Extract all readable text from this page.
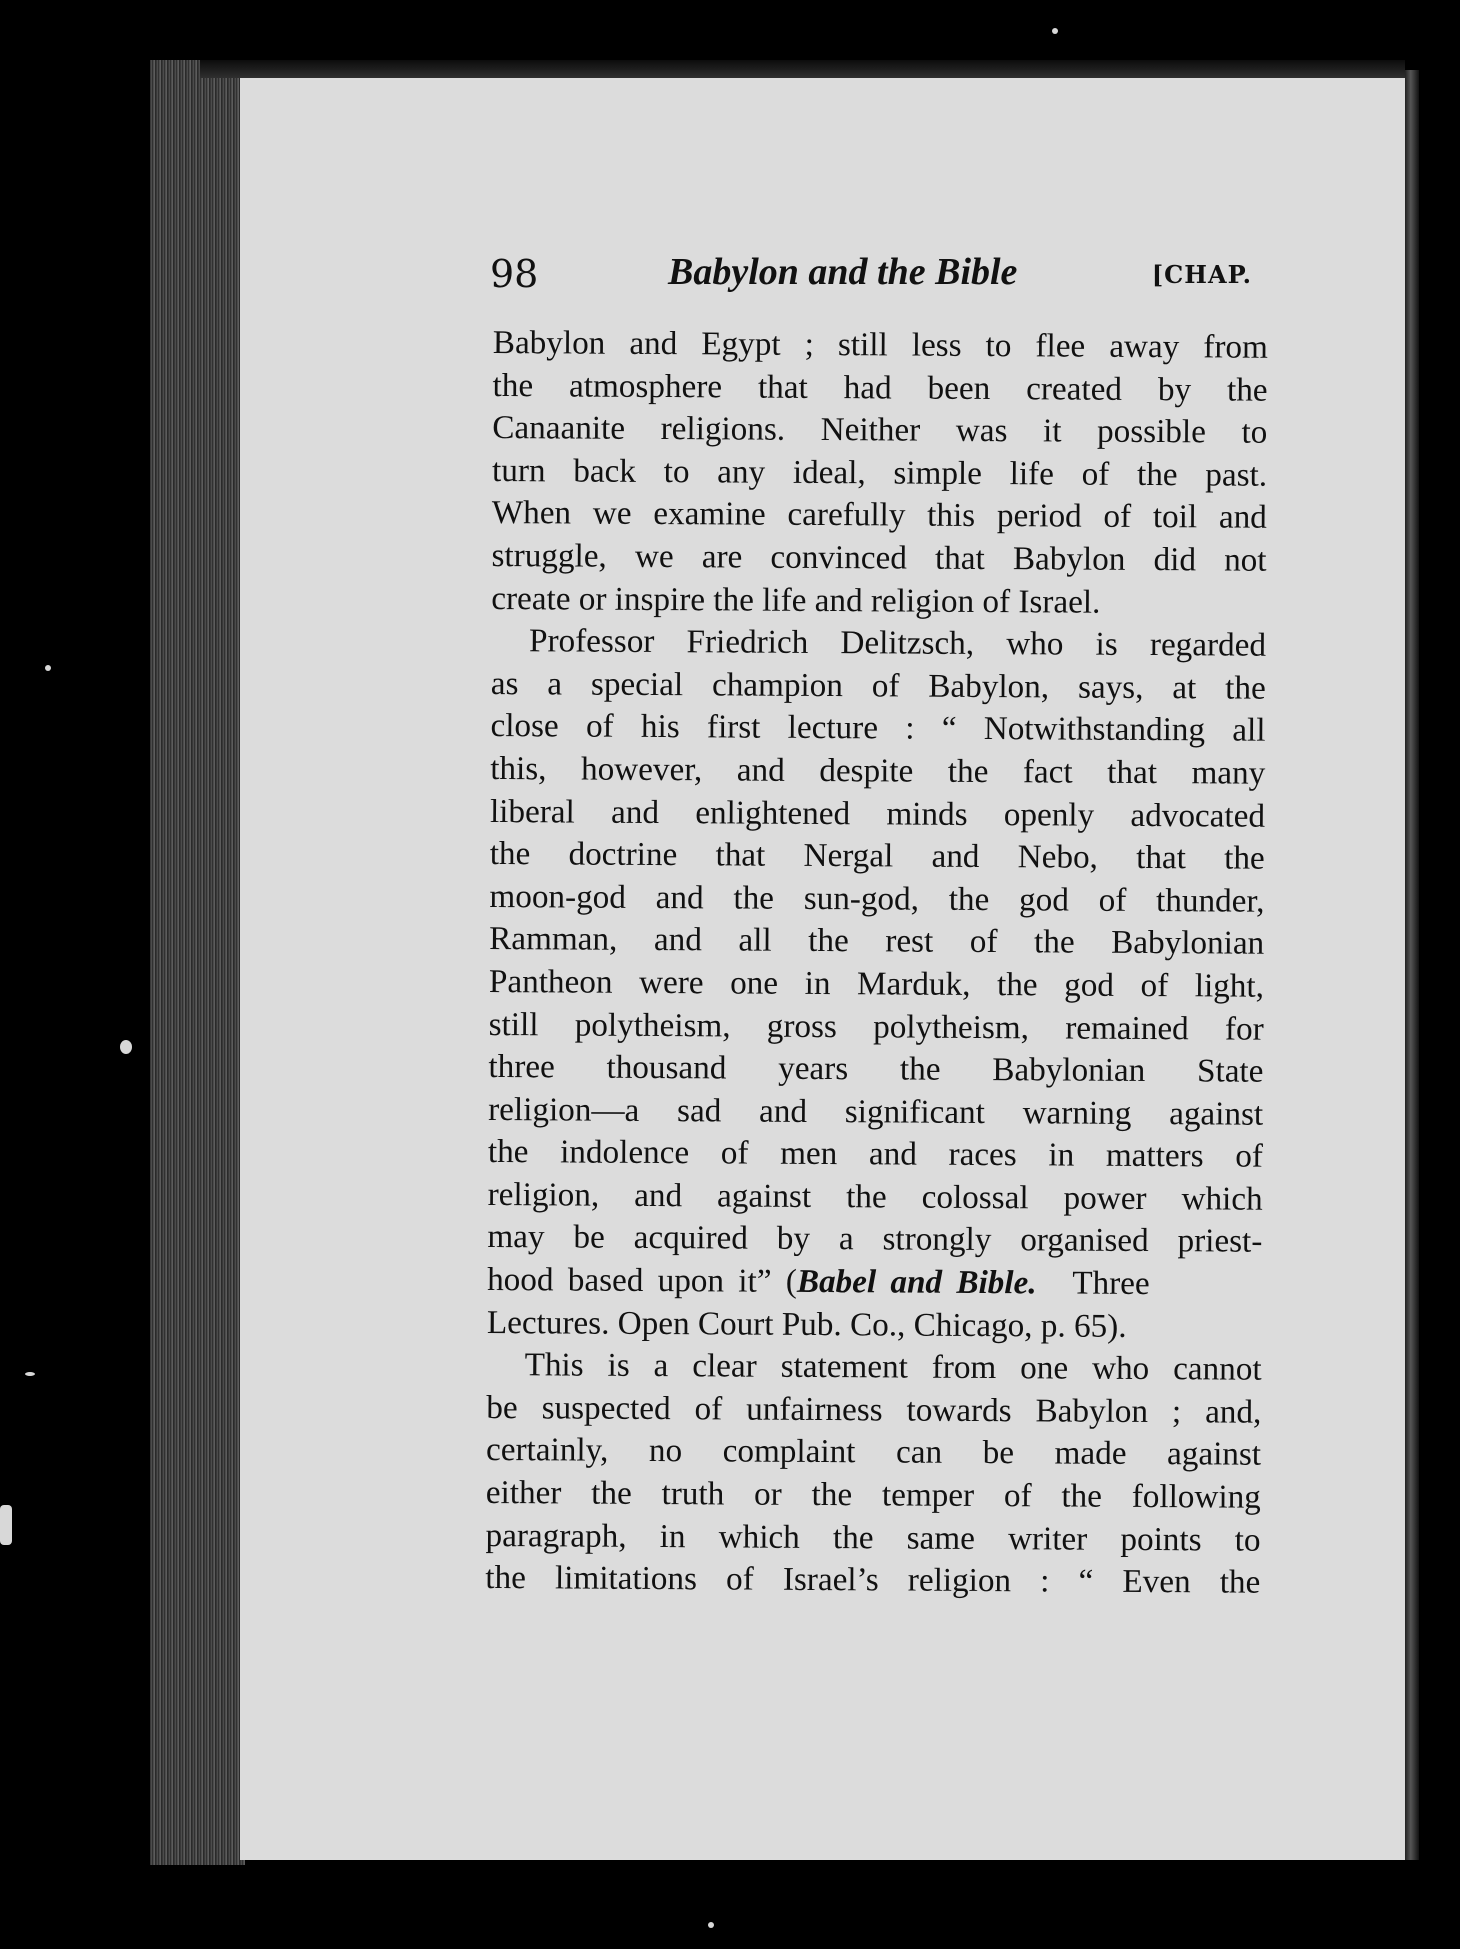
98	Babylon and the Bible	[CHAP.
Babylon and Egypt ; still less to flee away from
the atmosphere that had been created by the
Canaanite religions. Neither was it possible to
turn back to any ideal, simple life of the past.
When we examine carefully this period of toil and
struggle, we are convinced that Babylon did not
create or inspire the life and religion of Israel.
Professor Friedrich Delitzsch, who is regarded
as a special champion of Babylon, says, at the
close of his first lecture : “ Notwithstanding all
this, however, and despite the fact that many
liberal and enlightened minds openly advocated
the doctrine that Nergal and Nebo, that the
moon-god and the sun-god, the god of thunder,
Ramman, and all the rest of the Babylonian
Pantheon were one in Marduk, the god of light,
still polytheism, gross polytheism, remained for
three thousand years the Babylonian State
religion—a sad and significant warning against
the indolence of men and races in matters of
religion, and against the colossal power which
may be acquired by a strongly organised priest-
hood based upon it” (Babel and Bible. Three
Lectures. Open Court Pub. Co., Chicago, p. 65).
This is a clear statement from one who cannot
be suspected of unfairness towards Babylon ; and,
certainly, no complaint can be made against
either the truth or the temper of the following
paragraph, in which the same writer points to
the limitations of Israel’s religion : “ Even the
